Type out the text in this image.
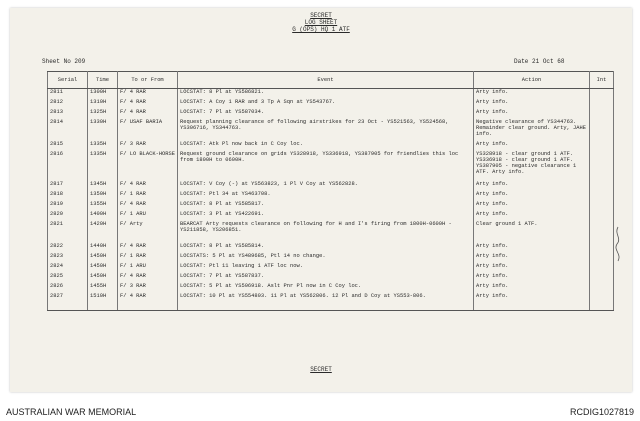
SECRET
LOG SHEET
G (OPS) HQ 1 ATF
Sheet No 209	Date 21 Oct 68
Serial	Time	To or From	Event	Action	Int
2811	1300H	F/ 4 RAR	LOCSTAT: 8 Pl at YS586821.	Arty info.	
2812	1310H	F/ 4 RAR	LOCSTAT: A Coy 1 RAR and 3 Tp A Sqn at YS543767.	Arty info.	
2813	1325H	F/ 4 RAR	LOCSTAT: 7 Pl at YS587034.	Arty info.	
2814	1330H	F/ USAF BARIA	Request planning clearance of following airstrikes for 23 Oct - YS521563, YS524568, YS306716, YS344763.	Negative clearance of YS344763. Remainder clear ground. Arty, JAHE info.	
2815	1335H	F/ 3 RAR	LOCSTAT: Atk Pl now back in C Coy loc.	Arty info.	
2816	1335H	F/ LO BLACK-HORSE	Request ground clearance on grids YS328918, YS336918, YS387905 for friendlies this loc from 1800H to 0600H.	YS328918 - clear ground 1 ATF. YS336918 - clear ground 1 ATF. YS387905 - negative clearance 1 ATF. Arty info.	
2817	1345H	F/ 4 RAR	LOCSTAT: V Coy (-) at YS563823, 1 Pl V Coy at YS562828.	Arty info.	
2818	1350H	F/ 1 RAR	LOCSTAT: Ptl 34 at YS463708.	Arty info.	
2819	1355H	F/ 4 RAR	LOCSTAT: 8 Pl at YS585817.	Arty info.	
2820	1400H	F/ 1 ARU	LOCSTAT: 3 Pl at YS422691.	Arty info.	
2821	1420H	F/ Arty	BEARCAT Arty requests clearance on following for H and I's firing from 1800H-0600H - YS211858, YS206851.	Clear ground 1 ATF.	
2822	1440H	F/ 4 RAR	LOCSTAT: 8 Pl at YS585814.	Arty info.	
2823	1450H	F/ 1 RAR	LOCSTATS: 5 Pl at YS489685, Ptl 14 no change.	Arty info.	
2824	1450H	F/ 1 ARU	LOCSTAT: Ptl 11 leaving 1 ATF loc now.	Arty info.	
2825	1450H	F/ 4 RAR	LOCSTAT: 7 Pl at YS587837.	Arty info.	
2826	1455H	F/ 3 RAR	LOCSTAT: 5 Pl at YS506918. Aslt Pnr Pl now in C Coy loc.	Arty info.	
2827	1510H	F/ 4 RAR	LOCSTAT: 10 Pl at YS554803. 11 Pl at YS562806. 12 Pl and D Coy at YS553-806.	Arty info.	
SECRET
AUSTRALIAN WAR MEMORIAL	RCDIG1027819
